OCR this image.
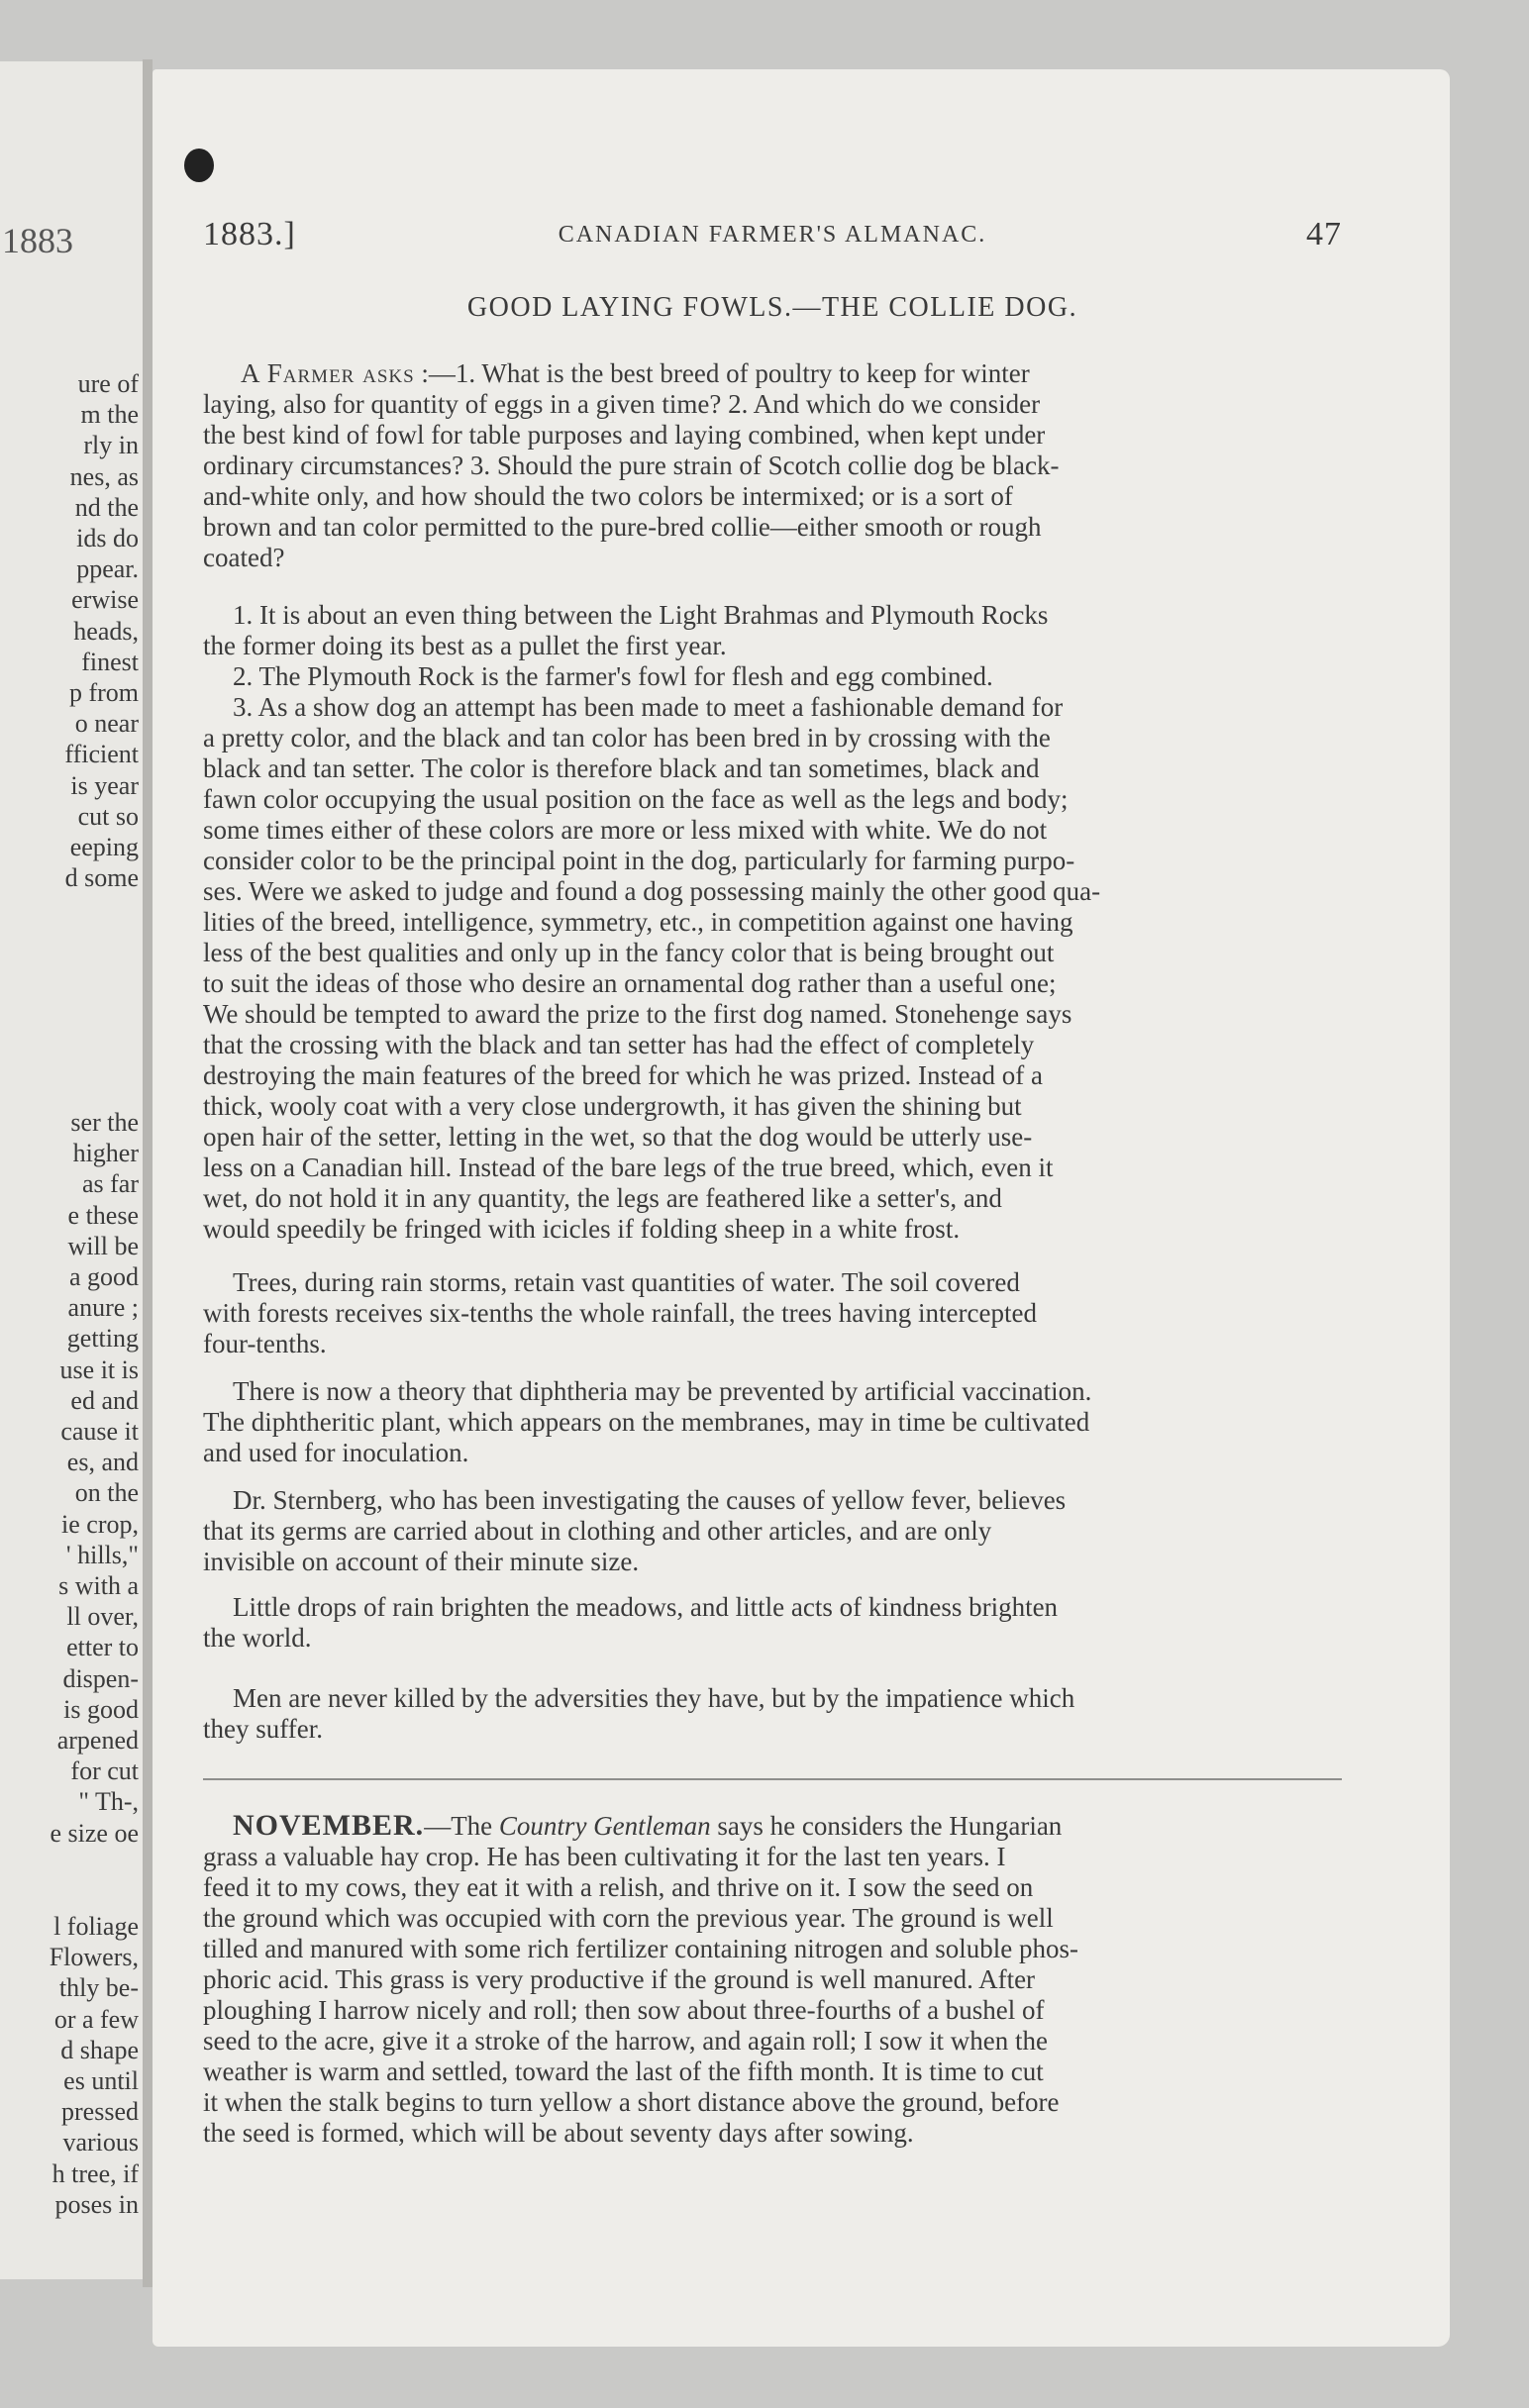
1883
ure of
m the
rly in
nes, as
nd the
ids do
ppear.
erwise
heads,
finest
p from
o near
fficient
is year
cut so
eeping
d some
ser the
higher
as far
e these
will be
a good
anure ;
getting
use it is
ed and
cause it
es, and
on the
ie crop,
' hills,"
s with a
ll over,
etter to
dispen-
is good
arpened
for cut
" Th-,
e size oe
l foliage
Flowers,
thly be-
or a few
d shape
es until
pressed
various
h tree, if
poses in
1883.]	CANADIAN FARMER'S ALMANAC.	47
GOOD LAYING FOWLS.—THE COLLIE DOG.
A Farmer asks :—1. What is the best breed of poultry to keep for winter
laying, also for quantity of eggs in a given time? 2. And which do we consider
the best kind of fowl for table purposes and laying combined, when kept under
ordinary circumstances? 3. Should the pure strain of Scotch collie dog be black-
and-white only, and how should the two colors be intermixed; or is a sort of
brown and tan color permitted to the pure-bred collie—either smooth or rough
coated?
1. It is about an even thing between the Light Brahmas and Plymouth Rocks
the former doing its best as a pullet the first year.
2. The Plymouth Rock is the farmer's fowl for flesh and egg combined.
3. As a show dog an attempt has been made to meet a fashionable demand for
a pretty color, and the black and tan color has been bred in by crossing with the
black and tan setter. The color is therefore black and tan sometimes, black and
fawn color occupying the usual position on the face as well as the legs and body;
some times either of these colors are more or less mixed with white. We do not
consider color to be the principal point in the dog, particularly for farming purpo-
ses. Were we asked to judge and found a dog possessing mainly the other good qua-
lities of the breed, intelligence, symmetry, etc., in competition against one having
less of the best qualities and only up in the fancy color that is being brought out
to suit the ideas of those who desire an ornamental dog rather than a useful one;
We should be tempted to award the prize to the first dog named. Stonehenge says
that the crossing with the black and tan setter has had the effect of completely
destroying the main features of the breed for which he was prized. Instead of a
thick, wooly coat with a very close undergrowth, it has given the shining but
open hair of the setter, letting in the wet, so that the dog would be utterly use-
less on a Canadian hill. Instead of the bare legs of the true breed, which, even it
wet, do not hold it in any quantity, the legs are feathered like a setter's, and
would speedily be fringed with icicles if folding sheep in a white frost.
Trees, during rain storms, retain vast quantities of water. The soil covered
with forests receives six-tenths the whole rainfall, the trees having intercepted
four-tenths.
There is now a theory that diphtheria may be prevented by artificial vaccination.
The diphtheritic plant, which appears on the membranes, may in time be cultivated
and used for inoculation.
Dr. Sternberg, who has been investigating the causes of yellow fever, believes
that its germs are carried about in clothing and other articles, and are only
invisible on account of their minute size.
Little drops of rain brighten the meadows, and little acts of kindness brighten
the world.
Men are never killed by the adversities they have, but by the impatience which
they suffer.
NOVEMBER.—The Country Gentleman says he considers the Hungarian
grass a valuable hay crop. He has been cultivating it for the last ten years. I
feed it to my cows, they eat it with a relish, and thrive on it. I sow the seed on
the ground which was occupied with corn the previous year. The ground is well
tilled and manured with some rich fertilizer containing nitrogen and soluble phos-
phoric acid. This grass is very productive if the ground is well manured. After
ploughing I harrow nicely and roll; then sow about three-fourths of a bushel of
seed to the acre, give it a stroke of the harrow, and again roll; I sow it when the
weather is warm and settled, toward the last of the fifth month. It is time to cut
it when the stalk begins to turn yellow a short distance above the ground, before
the seed is formed, which will be about seventy days after sowing.
